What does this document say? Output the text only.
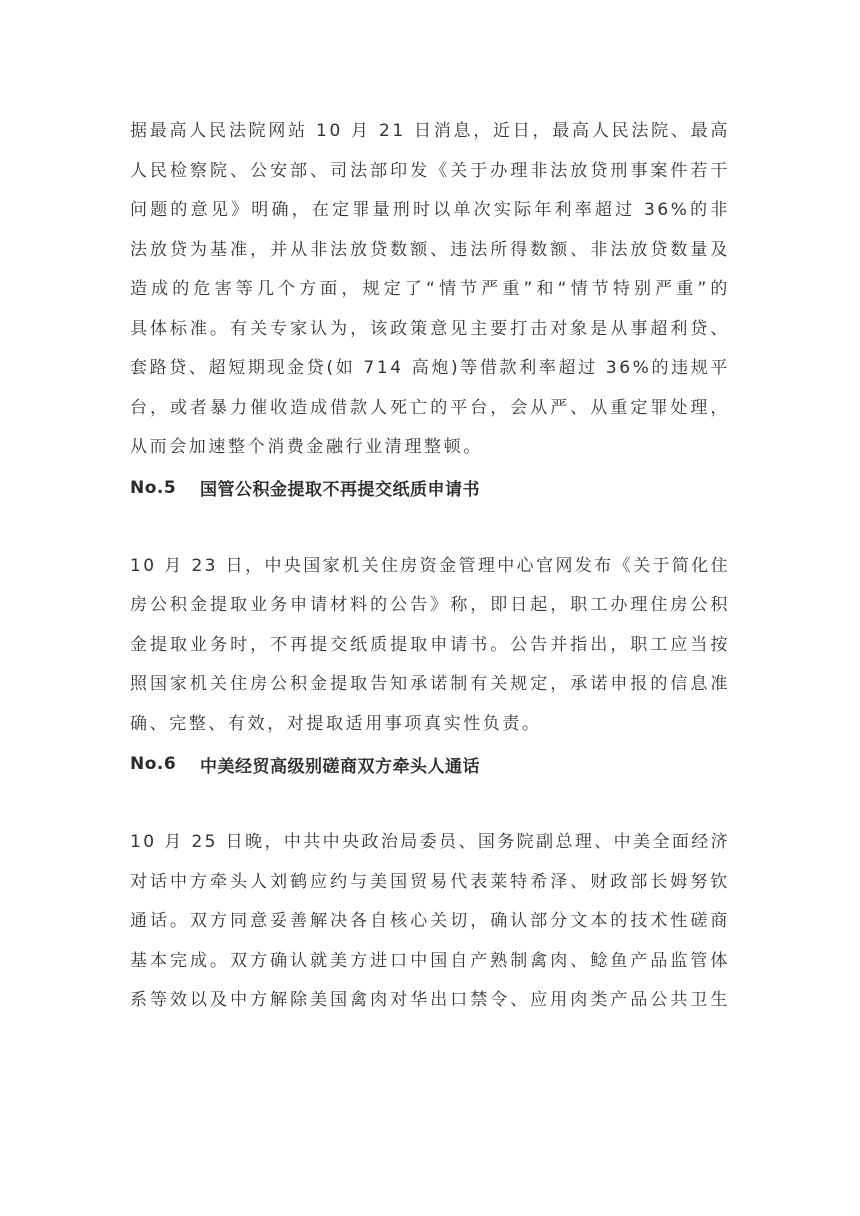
据最高人民法院网站 10 月 21 日消息，近日，最高人民法院、最高
人民检察院、公安部、司法部印发《关于办理非法放贷刑事案件若干
问题的意见》明确，在定罪量刑时以单次实际年利率超过 36%的非
法放贷为基准，并从非法放贷数额、违法所得数额、非法放贷数量及
造成的危害等几个方面，规定了“情节严重”和“情节特别严重”的
具体标准。有关专家认为，该政策意见主要打击对象是从事超利贷、
套路贷、超短期现金贷(如 714 高炮)等借款利率超过 36%的违规平
台，或者暴力催收造成借款人死亡的平台，会从严、从重定罪处理，
从而会加速整个消费金融行业清理整顿。
No.5	国管公积金提取不再提交纸质申请书
10 月 23 日，中央国家机关住房资金管理中心官网发布《关于简化住
房公积金提取业务申请材料的公告》称，即日起，职工办理住房公积
金提取业务时，不再提交纸质提取申请书。公告并指出，职工应当按
照国家机关住房公积金提取告知承诺制有关规定，承诺申报的信息准
确、完整、有效，对提取适用事项真实性负责。
No.6	中美经贸高级别磋商双方牵头人通话
10 月 25 日晚，中共中央政治局委员、国务院副总理、中美全面经济
对话中方牵头人刘鹤应约与美国贸易代表莱特希泽、财政部长姆努钦
通话。双方同意妥善解决各自核心关切，确认部分文本的技术性磋商
基本完成。双方确认就美方进口中国自产熟制禽肉、鲶鱼产品监管体
系等效以及中方解除美国禽肉对华出口禁令、应用肉类产品公共卫生
